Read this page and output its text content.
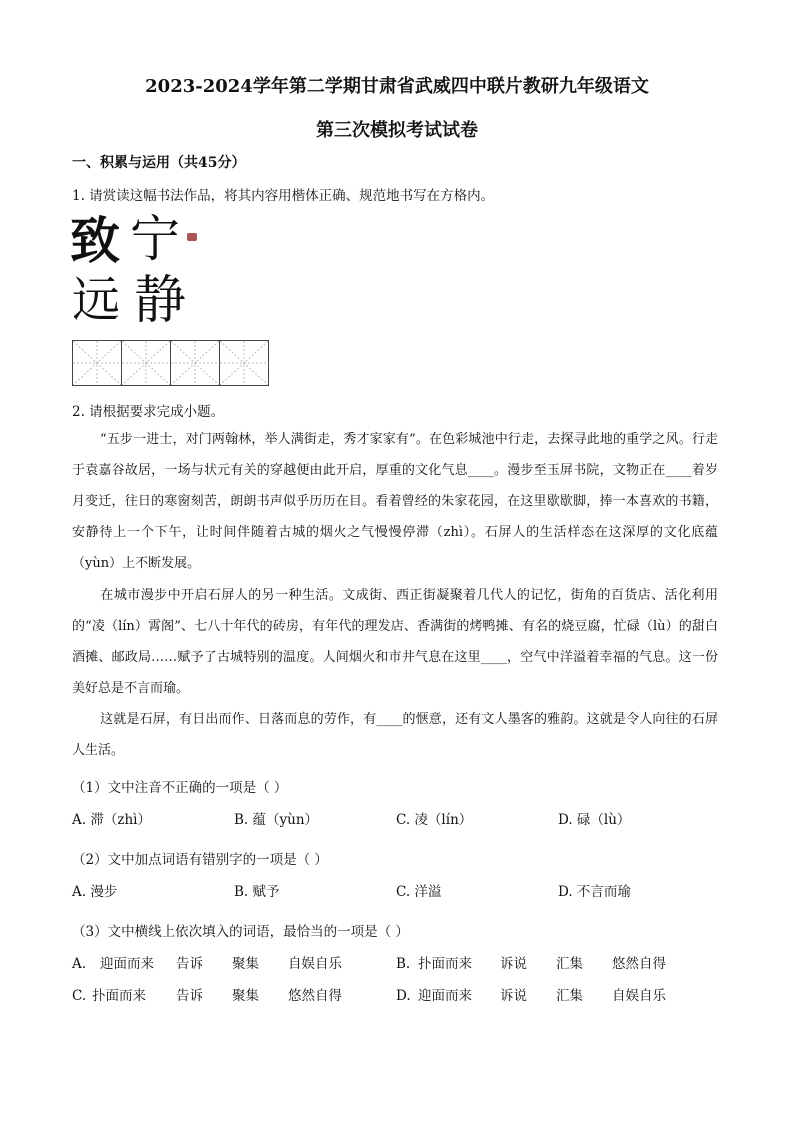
2023-2024学年第二学期甘肃省武威四中联片教研九年级语文
第三次模拟考试试卷
一、积累与运用（共45分）
1. 请赏读这幅书法作品，将其内容用楷体正确、规范地书写在方格内。
致 宁
远 静
2. 请根据要求完成小题。
“五步一进士，对门两翰林，举人满街走，秀才家家有”。在色彩城池中行走，去探寻此地的重学之风。行走于袁嘉谷故居，一场与状元有关的穿越便由此开启，厚重的文化气息____。漫步至玉屏书院，文物正在____着岁月变迁，往日的寒窗刻苦，朗朗书声似乎历历在目。看着曾经的朱家花园，在这里歇歇脚，捧一本喜欢的书籍，安静待上一个下午，让时间伴随着古城的烟火之气慢慢停滞（zhì）。石屏人的生活样态在这深厚的文化底蕴（yùn）上不断发展。
在城市漫步中开启石屏人的另一种生活。文成街、西正街凝聚着几代人的记忆，街角的百货店、活化利用的“凌（lín）霄阁”、七八十年代的砖房，有年代的理发店、香满街的烤鸭摊、有名的烧豆腐，忙碌（lù）的甜白酒摊、邮政局……赋予了古城特别的温度。人间烟火和市井气息在这里____，空气中洋溢着幸福的气息。这一份美好总是不言而瑜。
这就是石屏，有日出而作、日落而息的劳作，有____的惬意，还有文人墨客的雅韵。这就是令人向往的石屏人生活。
（1）文中注音不正确的一项是（ ）
A. 滞（zhì）	B. 蕴（yùn）	C. 凌（lín）	D. 碌（lù）
（2）文中加点词语有错别字的一项是（ ）
A. 漫步	B. 赋予	C. 洋溢	D. 不言而瑜
（3）文中横线上依次填入的词语，最恰当的一项是（ ）
A. 迎面而来 告诉 聚集 自娱自乐	B. 扑面而来 诉说 汇集 悠然自得
C. 扑面而来 告诉 聚集 悠然自得	D. 迎面而来 诉说 汇集 自娱自乐
